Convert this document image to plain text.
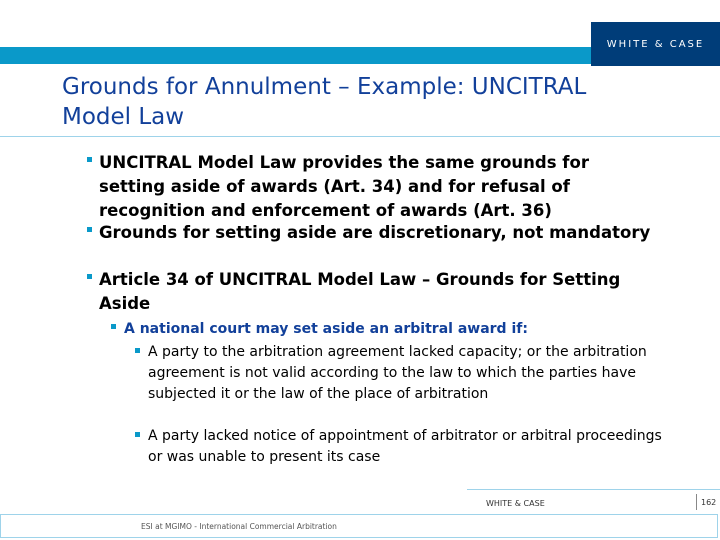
WHITE & CASE
Grounds for Annulment – Example: UNCITRAL Model Law
UNCITRAL Model Law provides the same grounds for setting aside of awards (Art. 34) and for refusal of recognition and enforcement of awards (Art. 36)
Grounds for setting aside are discretionary, not mandatory
Article 34 of UNCITRAL Model Law – Grounds for Setting Aside
A national court may set aside an arbitral award if:
A party to the arbitration agreement lacked capacity; or the arbitration agreement is not valid according to the law to which the parties have subjected it or the law of the place of arbitration
A party lacked notice of appointment of arbitrator or arbitral proceedings or was unable to present its case
WHITE & CASE	162
ESI at MGIMO - International Commercial Arbitration
